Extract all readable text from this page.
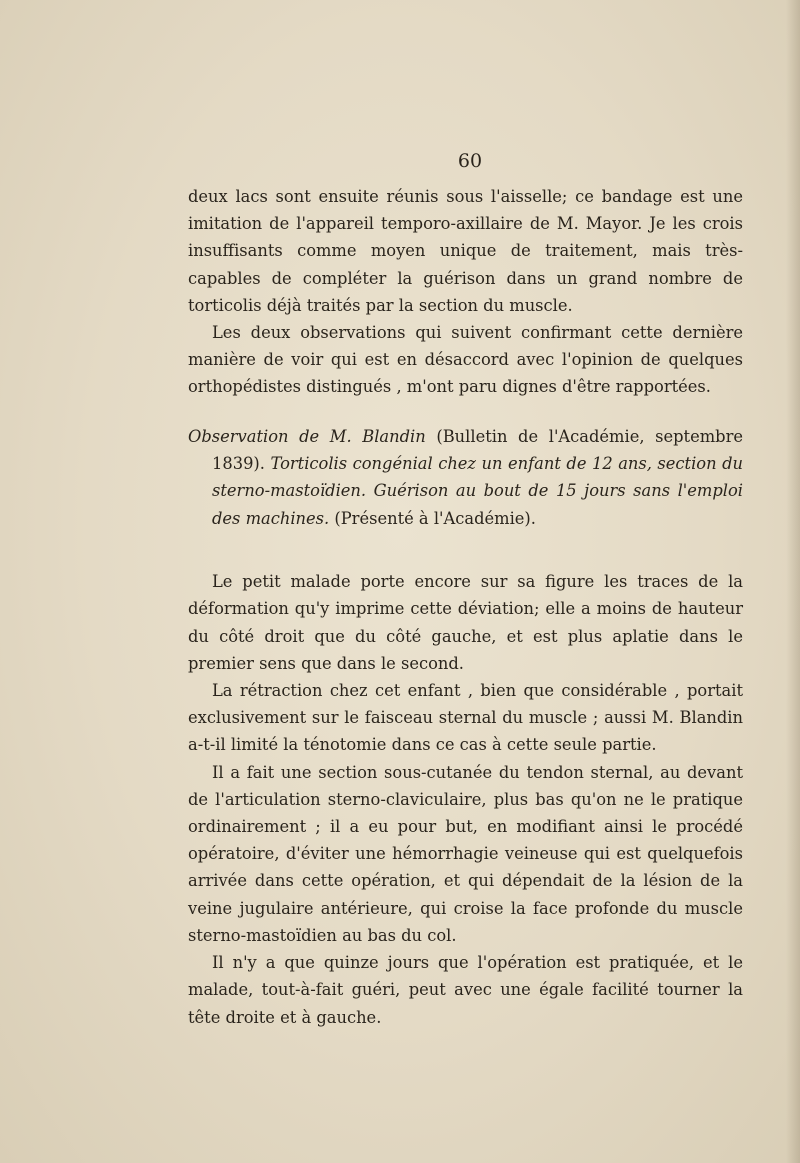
60

deux lacs sont ensuite réunis sous l'aisselle; ce bandage est une imitation de l'appareil temporo-axillaire de M. Mayor. Je les crois insuffisants comme moyen unique de traitement, mais très-capables de compléter la guérison dans un grand nombre de torticolis déjà traités par la section du muscle.

Les deux observations qui suivent confirmant cette dernière manière de voir qui est en désaccord avec l'opinion de quelques orthopédistes distingués , m'ont paru dignes d'être rapportées.

Observation de M. Blandin (Bulletin de l'Académie, septembre 1839). Torticolis congénial chez un enfant de 12 ans, section du sterno-mastoïdien. Guérison au bout de 15 jours sans l'emploi des machines. (Présenté à l'Académie).

Le petit malade porte encore sur sa figure les traces de la déformation qu'y imprime cette déviation; elle a moins de hauteur du côté droit que du côté gauche, et est plus aplatie dans le premier sens que dans le second.

La rétraction chez cet enfant , bien que considérable , portait exclusivement sur le faisceau sternal du muscle ; aussi M. Blandin a-t-il limité la ténotomie dans ce cas à cette seule partie.

Il a fait une section sous-cutanée du tendon sternal, au devant de l'articulation sterno-claviculaire, plus bas qu'on ne le pratique ordinairement ; il a eu pour but, en modifiant ainsi le procédé opératoire, d'éviter une hémorrhagie veineuse qui est quelquefois arrivée dans cette opération, et qui dépendait de la lésion de la veine jugulaire antérieure, qui croise la face profonde du muscle sterno-mastoïdien au bas du col.

Il n'y a que quinze jours que l'opération est pratiquée, et le malade, tout-à-fait guéri, peut avec une égale facilité tourner la tête droite et à gauche.
